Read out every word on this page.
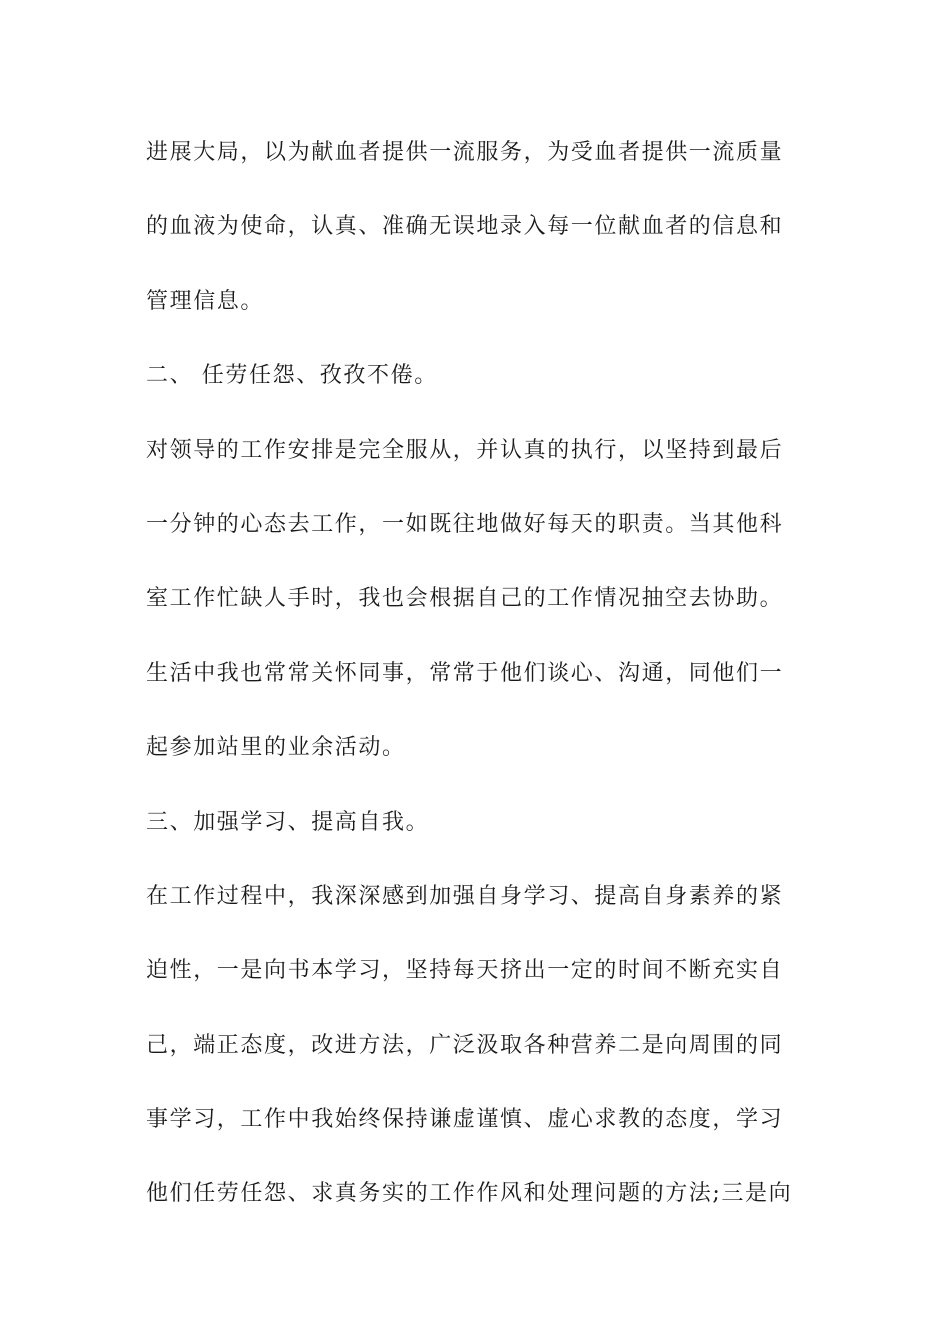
进展大局，以为献血者提供一流服务，为受血者提供一流质量
的血液为使命，认真、准确无误地录入每一位献血者的信息和
管理信息。
二、 任劳任怨、孜孜不倦。
对领导的工作安排是完全服从，并认真的执行，以坚持到最后
一分钟的心态去工作，一如既往地做好每天的职责。当其他科
室工作忙缺人手时，我也会根据自己的工作情况抽空去协助。
生活中我也常常关怀同事，常常于他们谈心、沟通，同他们一
起参加站里的业余活动。
三、加强学习、提高自我。
在工作过程中，我深深感到加强自身学习、提高自身素养的紧
迫性，一是向书本学习，坚持每天挤出一定的时间不断充实自
己，端正态度，改进方法，广泛汲取各种营养二是向周围的同
事学习，工作中我始终保持谦虚谨慎、虚心求教的态度，学习
他们任劳任怨、求真务实的工作作风和处理问题的方法;三是向
